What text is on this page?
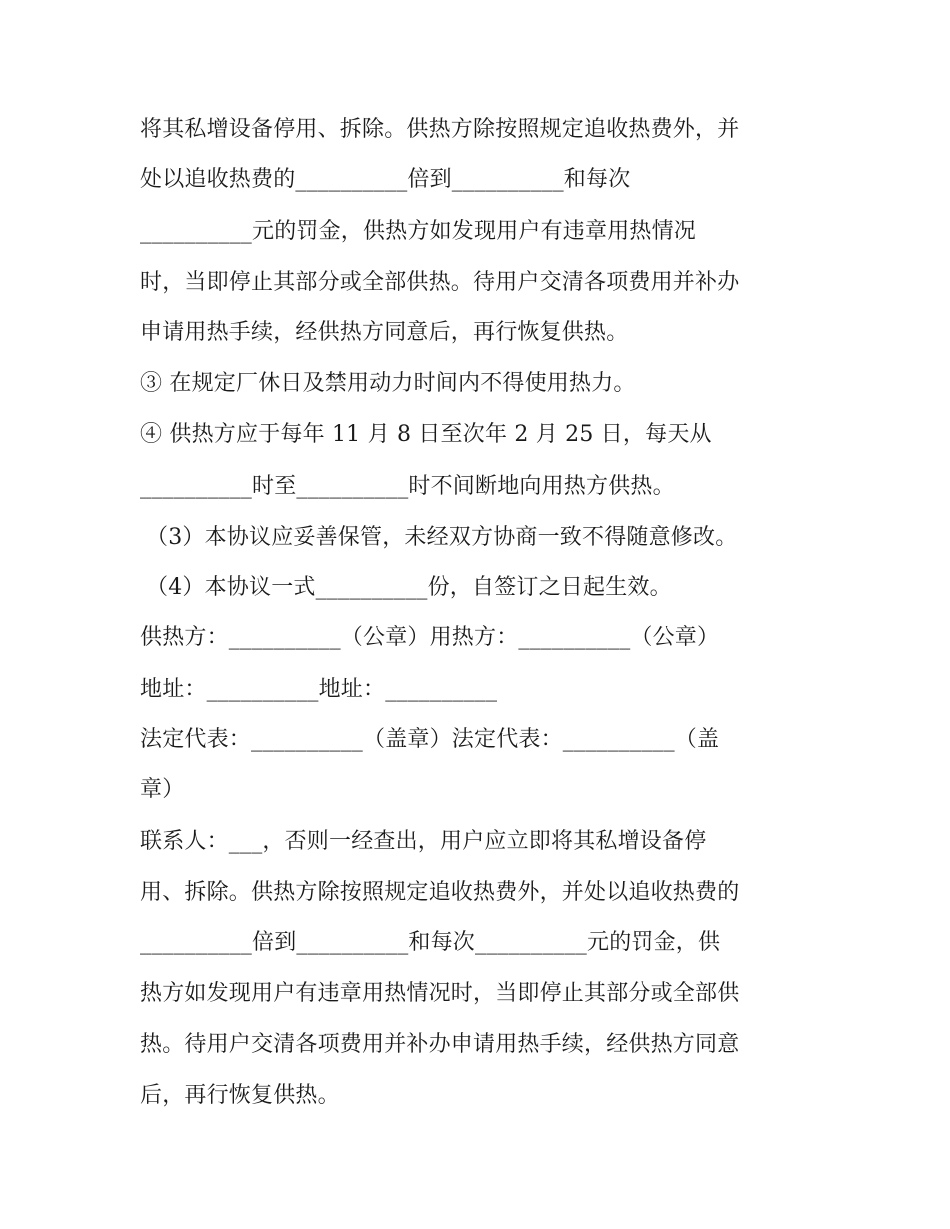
将其私增设备停用、拆除。供热方除按照规定追收热费外，并
处以追收热费的__________倍到__________和每次
__________元的罚金，供热方如发现用户有违章用热情况
时，当即停止其部分或全部供热。待用户交清各项费用并补办
申请用热手续，经供热方同意后，再行恢复供热。
③ 在规定厂休日及禁用动力时间内不得使用热力。
④ 供热方应于每年 11 月 8 日至次年 2 月 25 日，每天从
__________时至__________时不间断地向用热方供热。
（3）本协议应妥善保管，未经双方协商一致不得随意修改。
（4）本协议一式__________份，自签订之日起生效。
供热方：__________（公章）用热方：__________（公章）
地址：__________地址：__________
法定代表：__________（盖章）法定代表：__________（盖
章）
联系人：___，否则一经查出，用户应立即将其私增设备停
用、拆除。供热方除按照规定追收热费外，并处以追收热费的
__________倍到__________和每次__________元的罚金，供
热方如发现用户有违章用热情况时，当即停止其部分或全部供
热。待用户交清各项费用并补办申请用热手续，经供热方同意
后，再行恢复供热。
